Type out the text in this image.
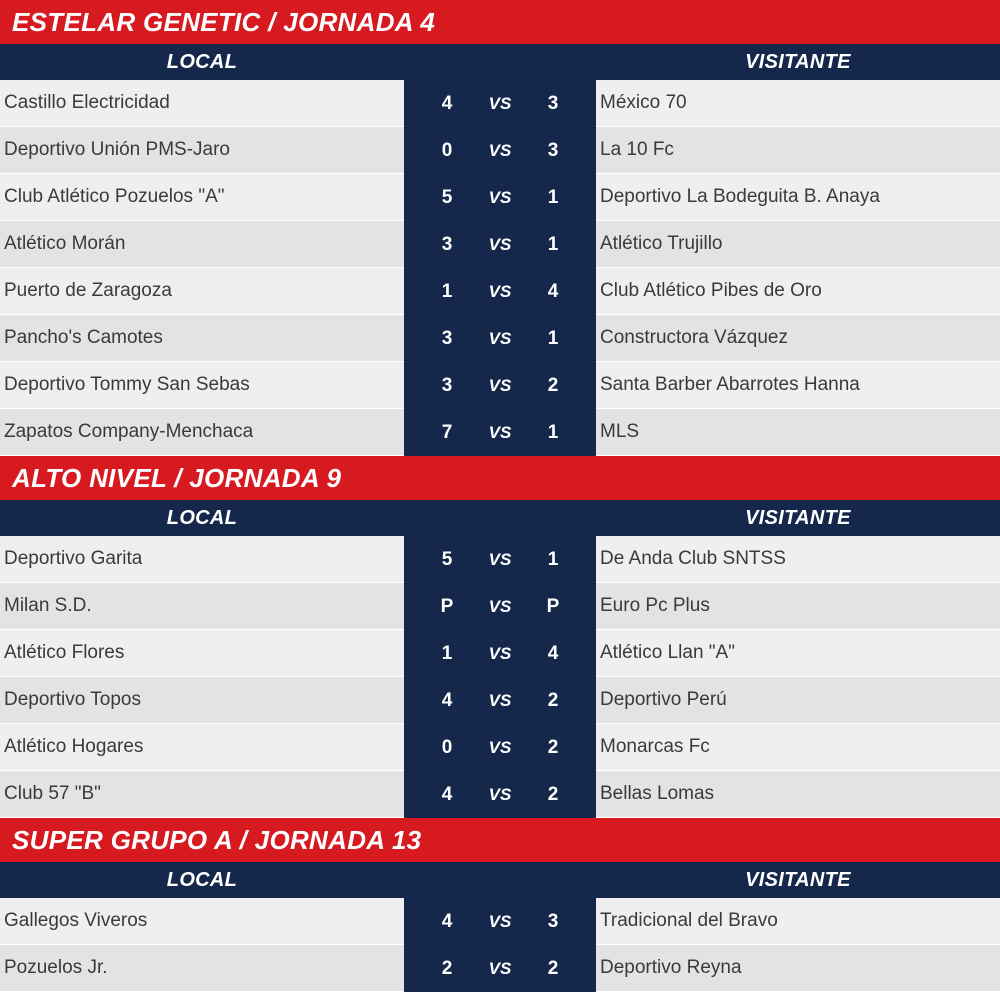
ESTELAR GENETIC / JORNADA 4
LOCAL	VISITANTE
Castillo Electricidad	4	VS	3	México 70
Deportivo Unión PMS-Jaro	0	VS	3	La 10 Fc
Club Atlético Pozuelos "A"	5	VS	1	Deportivo La Bodeguita B. Anaya
Atlético Morán	3	VS	1	Atlético Trujillo
Puerto de Zaragoza	1	VS	4	Club Atlético Pibes de Oro
Pancho's Camotes	3	VS	1	Constructora Vázquez
Deportivo Tommy San Sebas	3	VS	2	Santa Barber Abarrotes Hanna
Zapatos Company-Menchaca	7	VS	1	MLS
ALTO NIVEL / JORNADA 9
LOCAL	VISITANTE
Deportivo Garita	5	VS	1	De Anda Club SNTSS
Milan S.D.	P	VS	P	Euro Pc Plus
Atlético Flores	1	VS	4	Atlético Llan "A"
Deportivo Topos	4	VS	2	Deportivo Perú
Atlético Hogares	0	VS	2	Monarcas Fc
Club 57 "B"	4	VS	2	Bellas Lomas
SUPER GRUPO A / JORNADA 13
LOCAL	VISITANTE
Gallegos Viveros	4	VS	3	Tradicional del Bravo
Pozuelos Jr.	2	VS	2	Deportivo Reyna
